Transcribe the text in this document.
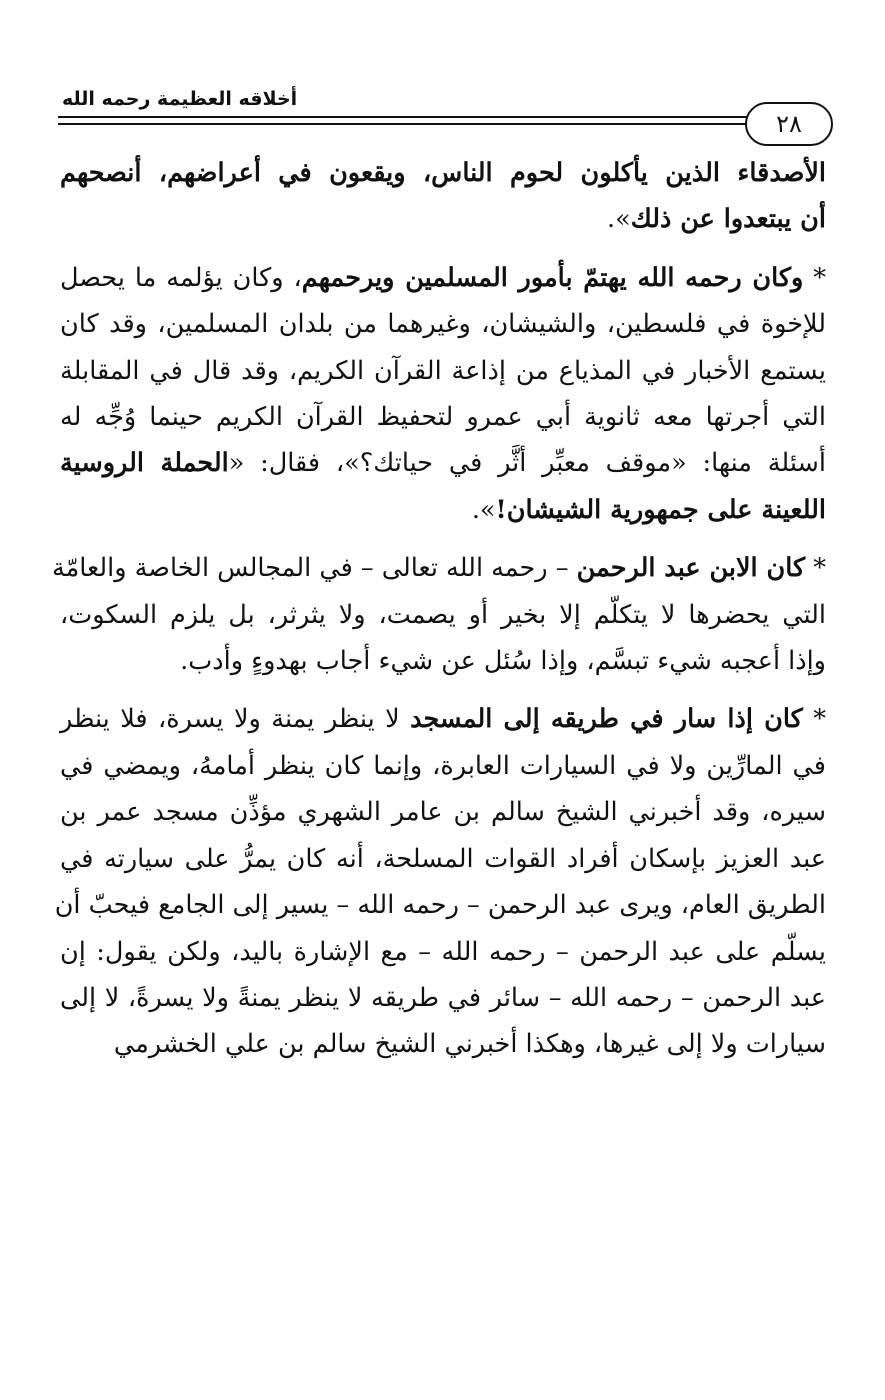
أخلاقه العظيمة رحمه الله
٢٨
الأصدقاء الذين يأكلون لحوم الناس، ويقعون في أعراضهم، أنصحهم
أن يبتعدوا عن ذلك».
* وكان رحمه الله يهتمّ بأمور المسلمين ويرحمهم، وكان يؤلمه ما يحصل
للإخوة في فلسطين، والشيشان، وغيرهما من بلدان المسلمين، وقد كان
يستمع الأخبار في المذياع من إذاعة القرآن الكريم، وقد قال في المقابلة
التي أجرتها معه ثانوية أبي عمرو لتحفيظ القرآن الكريم حينما وُجِّه له
أسئلة منها: «موقف معبِّر أثَّر في حياتك؟»، فقال: «الحملة الروسية
اللعينة على جمهورية الشيشان!».
* كان الابن عبد الرحمن – رحمه الله تعالى – في المجالس الخاصة والعامّة
التي يحضرها لا يتكلّم إلا بخير أو يصمت، ولا يثرثر، بل يلزم السكوت،
وإذا أعجبه شيء تبسَّم، وإذا سُئل عن شيء أجاب بهدوءٍ وأدب.
* كان إذا سار في طريقه إلى المسجد لا ينظر يمنة ولا يسرة، فلا ينظر
في المارِّين ولا في السيارات العابرة، وإنما كان ينظر أمامهُ، ويمضي في
سيره، وقد أخبرني الشيخ سالم بن عامر الشهري مؤذِّن مسجد عمر بن
عبد العزيز بإسكان أفراد القوات المسلحة، أنه كان يمرُّ على سيارته في
الطريق العام، ويرى عبد الرحمن – رحمه الله – يسير إلى الجامع فيحبّ أن
يسلّم على عبد الرحمن – رحمه الله – مع الإشارة باليد، ولكن يقول: إن
عبد الرحمن – رحمه الله – سائر في طريقه لا ينظر يمنةً ولا يسرةً، لا إلى
سيارات ولا إلى غيرها، وهكذا أخبرني الشيخ سالم بن علي الخشرمي
